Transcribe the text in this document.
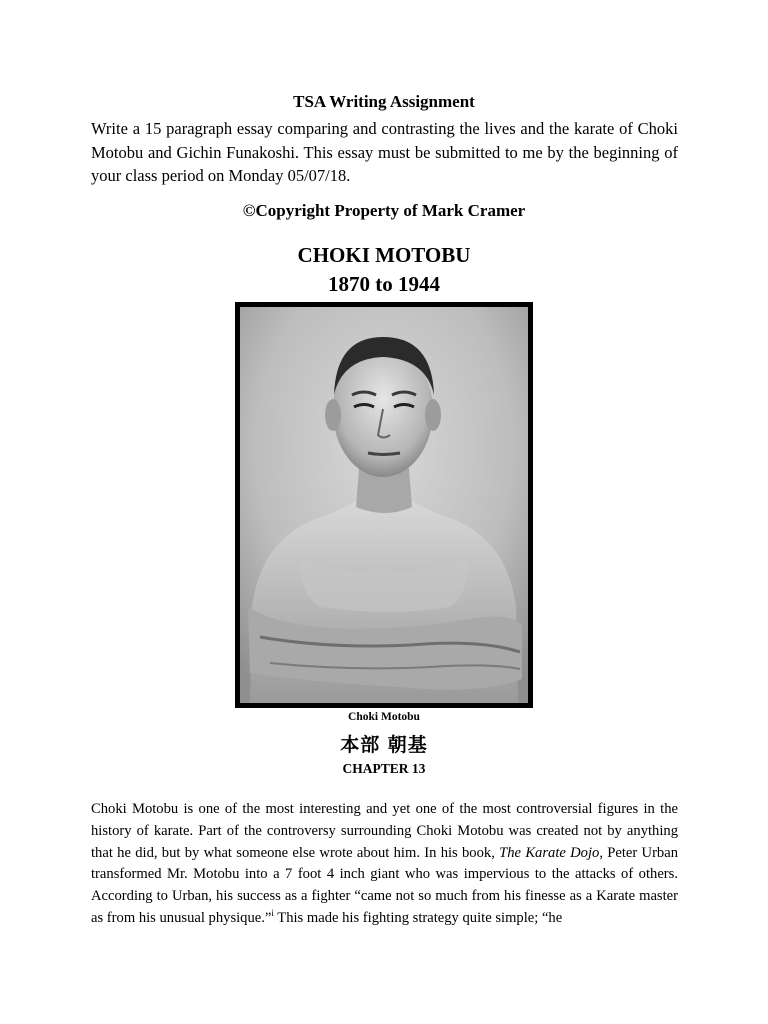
TSA Writing Assignment
Write a 15 paragraph essay comparing and contrasting the lives and the karate of Choki Motobu and Gichin Funakoshi. This essay must be submitted to me by the beginning of your class period on Monday 05/07/18.
©Copyright Property of Mark Cramer
CHOKI MOTOBU
1870 to 1944
Choki Motobu
本部 朝基
CHAPTER 13
Choki Motobu is one of the most interesting and yet one of the most controversial figures in the history of karate. Part of the controversy surrounding Choki Motobu was created not by anything that he did, but by what someone else wrote about him. In his book, The Karate Dojo, Peter Urban transformed Mr. Motobu into a 7 foot 4 inch giant who was impervious to the attacks of others. According to Urban, his success as a fighter “came not so much from his finesse as a Karate master as from his unusual physique.”$^i$ This made his fighting strategy quite simple; “he
